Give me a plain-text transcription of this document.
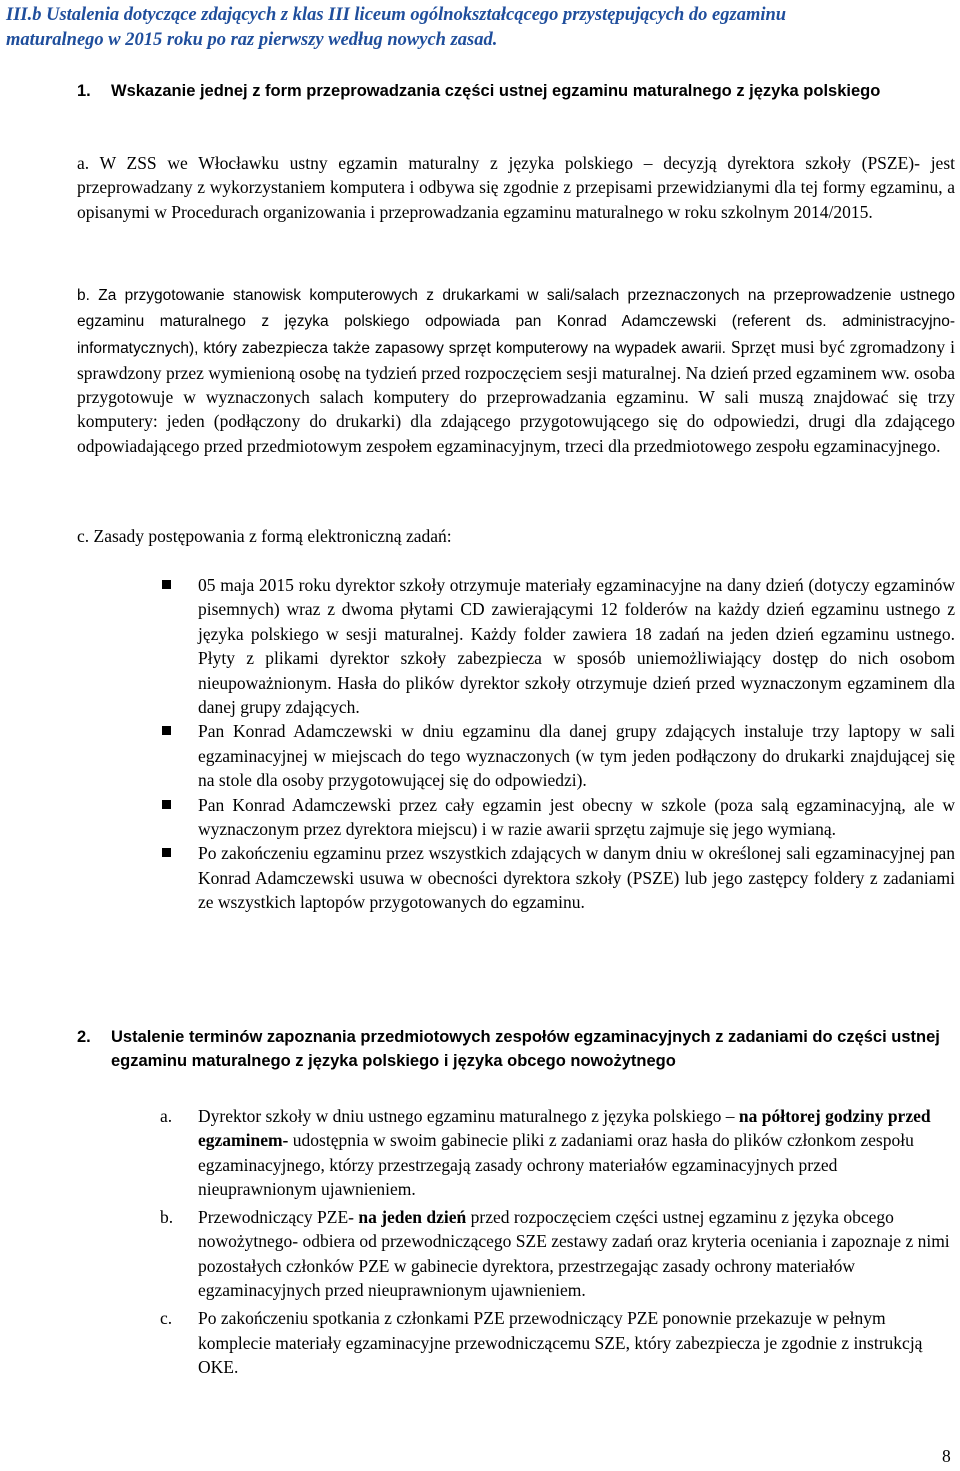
III.b Ustalenia dotyczące zdających z klas III liceum ogólnokształcącego przystępujących do egzaminu
maturalnego w 2015 roku po raz pierwszy według nowych zasad.
1.	Wskazanie jednej z form przeprowadzania części ustnej egzaminu maturalnego z języka polskiego
a. W ZSS we Włocławku ustny egzamin maturalny z języka polskiego – decyzją dyrektora szkoły (PSZE)- jest przeprowadzany z wykorzystaniem komputera i odbywa się zgodnie z przepisami przewidzianymi dla tej formy egzaminu, a opisanymi w Procedurach organizowania i przeprowadzania egzaminu maturalnego w roku szkolnym 2014/2015.
b. Za przygotowanie stanowisk komputerowych z drukarkami w sali/salach przeznaczonych na przeprowadzenie ustnego egzaminu maturalnego z języka polskiego odpowiada pan Konrad Adamczewski (referent ds. administracyjno- informatycznych), który zabezpiecza także zapasowy sprzęt komputerowy na wypadek awarii. Sprzęt musi być zgromadzony i sprawdzony przez wymienioną osobę na tydzień przed rozpoczęciem sesji maturalnej. Na dzień przed egzaminem ww. osoba przygotowuje w wyznaczonych salach komputery do przeprowadzania egzaminu. W sali muszą znajdować się trzy komputery: jeden (podłączony do drukarki) dla zdającego przygotowującego się do odpowiedzi, drugi dla zdającego odpowiadającego przed przedmiotowym zespołem egzaminacyjnym, trzeci dla przedmiotowego zespołu egzaminacyjnego.
c. Zasady postępowania z formą elektroniczną zadań:
05 maja 2015 roku dyrektor szkoły otrzymuje materiały egzaminacyjne na dany dzień (dotyczy egzaminów pisemnych) wraz z dwoma płytami CD zawierającymi 12 folderów na każdy dzień egzaminu ustnego z języka polskiego w sesji maturalnej. Każdy folder zawiera 18 zadań na jeden dzień egzaminu ustnego. Płyty z plikami dyrektor szkoły zabezpiecza w sposób uniemożliwiający dostęp do nich osobom nieupoważnionym. Hasła do plików dyrektor szkoły otrzymuje dzień przed wyznaczonym egzaminem dla danej grupy zdających.
Pan Konrad Adamczewski w dniu egzaminu dla danej grupy zdających instaluje trzy laptopy w sali egzaminacyjnej w miejscach do tego wyznaczonych (w tym jeden podłączony do drukarki znajdującej się na stole dla osoby przygotowującej się do odpowiedzi).
Pan Konrad Adamczewski przez cały egzamin jest obecny w szkole (poza salą egzaminacyjną, ale w wyznaczonym przez dyrektora miejscu) i w razie awarii sprzętu zajmuje się jego wymianą.
Po zakończeniu egzaminu przez wszystkich zdających w danym dniu w określonej sali egzaminacyjnej pan Konrad Adamczewski usuwa w obecności dyrektora szkoły (PSZE) lub jego zastępcy foldery z zadaniami ze wszystkich laptopów przygotowanych do egzaminu.
2.	Ustalenie terminów zapoznania przedmiotowych zespołów egzaminacyjnych z zadaniami do części ustnej egzaminu maturalnego z języka polskiego i języka obcego nowożytnego
a. Dyrektor szkoły w dniu ustnego egzaminu maturalnego z języka polskiego – na półtorej godziny przed egzaminem- udostępnia w swoim gabinecie pliki z zadaniami oraz hasła do plików członkom zespołu egzaminacyjnego, którzy przestrzegają zasady ochrony materiałów egzaminacyjnych przed nieuprawnionym ujawnieniem.
b. Przewodniczący PZE- na jeden dzień przed rozpoczęciem części ustnej egzaminu z języka obcego nowożytnego- odbiera od przewodniczącego SZE zestawy zadań oraz kryteria oceniania i zapoznaje z nimi pozostałych członków PZE w gabinecie dyrektora, przestrzegając zasady ochrony materiałów egzaminacyjnych przed nieuprawnionym ujawnieniem.
c. Po zakończeniu spotkania z członkami PZE przewodniczący PZE ponownie przekazuje w pełnym komplecie materiały egzaminacyjne przewodniczącemu SZE, który zabezpiecza je zgodnie z instrukcją OKE.
8
